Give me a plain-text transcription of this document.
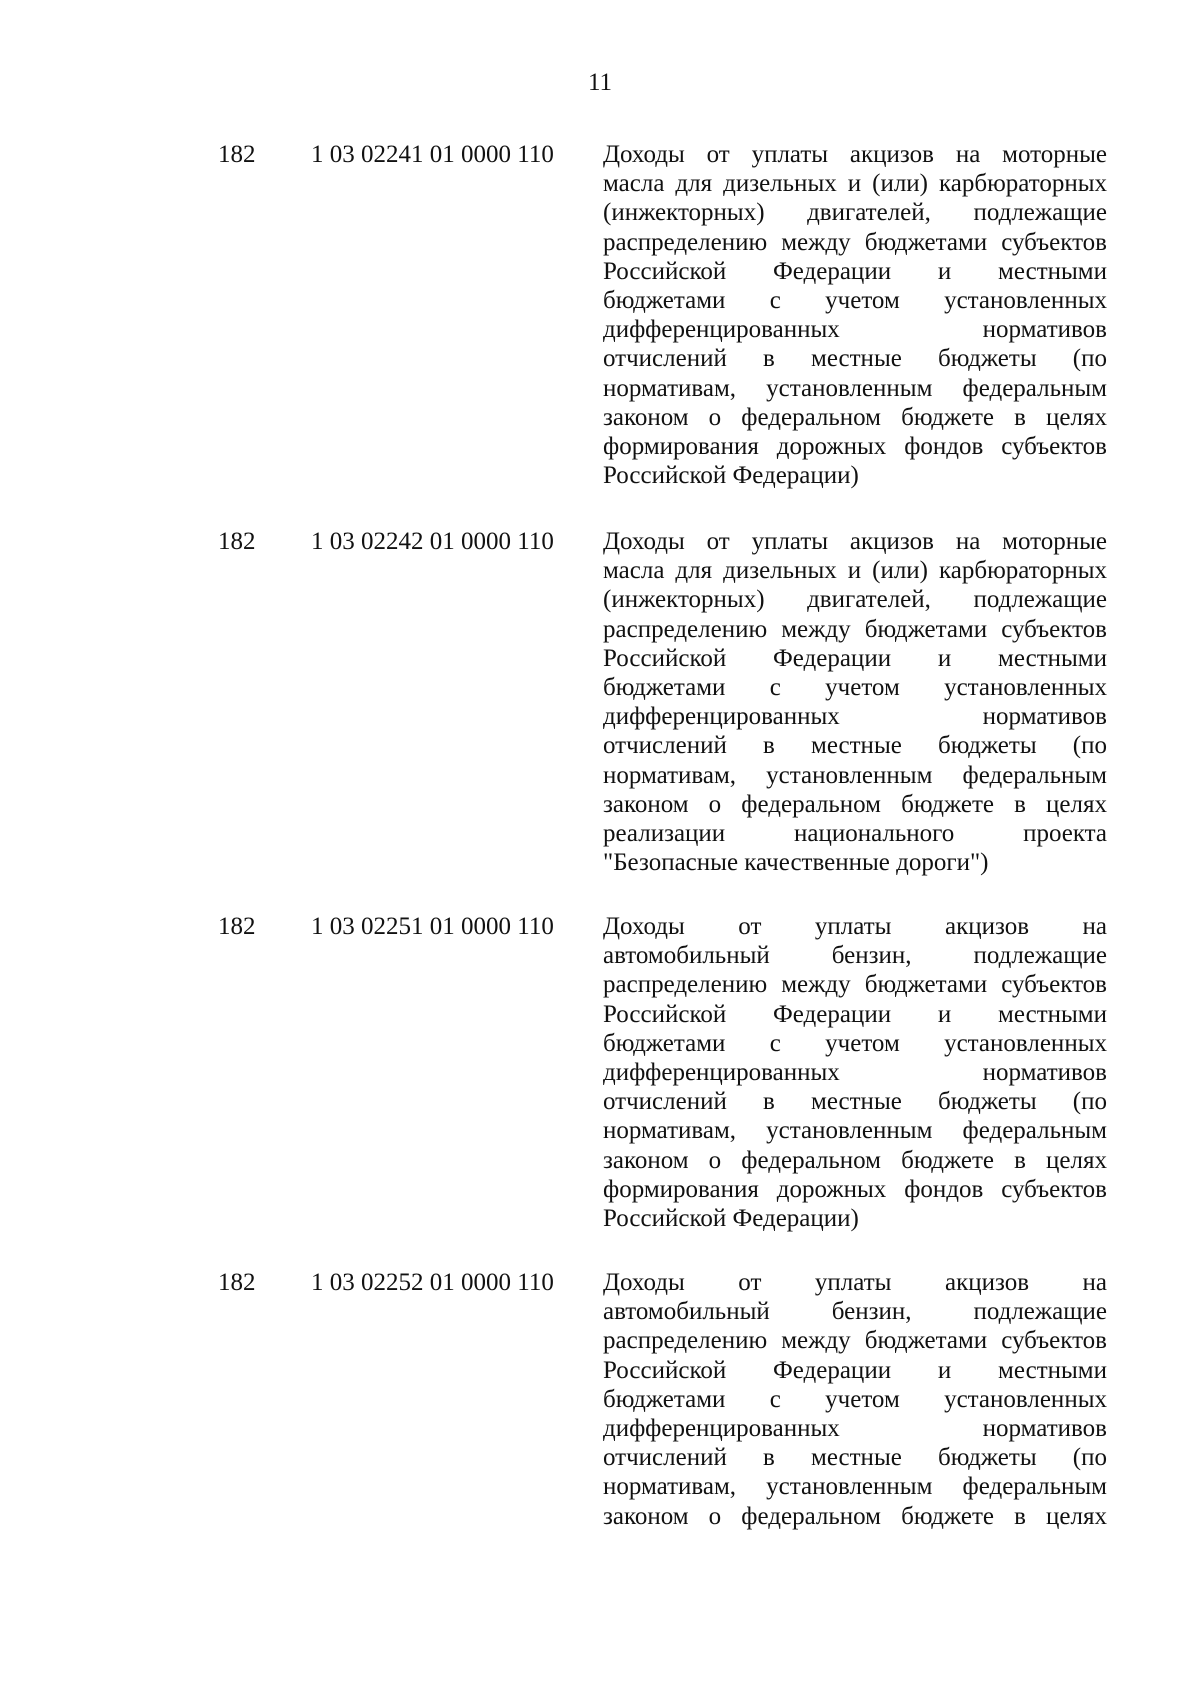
11
182	1 03 02241 01 0000 110	Доходы от уплаты акцизов на моторные
масла для дизельных и (или) карбюраторных
(инжекторных) двигателей, подлежащие
распределению между бюджетами субъектов
Российской Федерации и местными
бюджетами с учетом установленных
дифференцированных нормативов
отчислений в местные бюджеты (по
нормативам, установленным федеральным
законом о федеральном бюджете в целях
формирования дорожных фондов субъектов
Российской Федерации)
182	1 03 02242 01 0000 110	Доходы от уплаты акцизов на моторные
масла для дизельных и (или) карбюраторных
(инжекторных) двигателей, подлежащие
распределению между бюджетами субъектов
Российской Федерации и местными
бюджетами с учетом установленных
дифференцированных нормативов
отчислений в местные бюджеты (по
нормативам, установленным федеральным
законом о федеральном бюджете в целях
реализации национального проекта
"Безопасные качественные дороги")
182	1 03 02251 01 0000 110	Доходы от уплаты акцизов на
автомобильный бензин, подлежащие
распределению между бюджетами субъектов
Российской Федерации и местными
бюджетами с учетом установленных
дифференцированных нормативов
отчислений в местные бюджеты (по
нормативам, установленным федеральным
законом о федеральном бюджете в целях
формирования дорожных фондов субъектов
Российской Федерации)
182	1 03 02252 01 0000 110	Доходы от уплаты акцизов на
автомобильный бензин, подлежащие
распределению между бюджетами субъектов
Российской Федерации и местными
бюджетами с учетом установленных
дифференцированных нормативов
отчислений в местные бюджеты (по
нормативам, установленным федеральным
законом о федеральном бюджете в целях
